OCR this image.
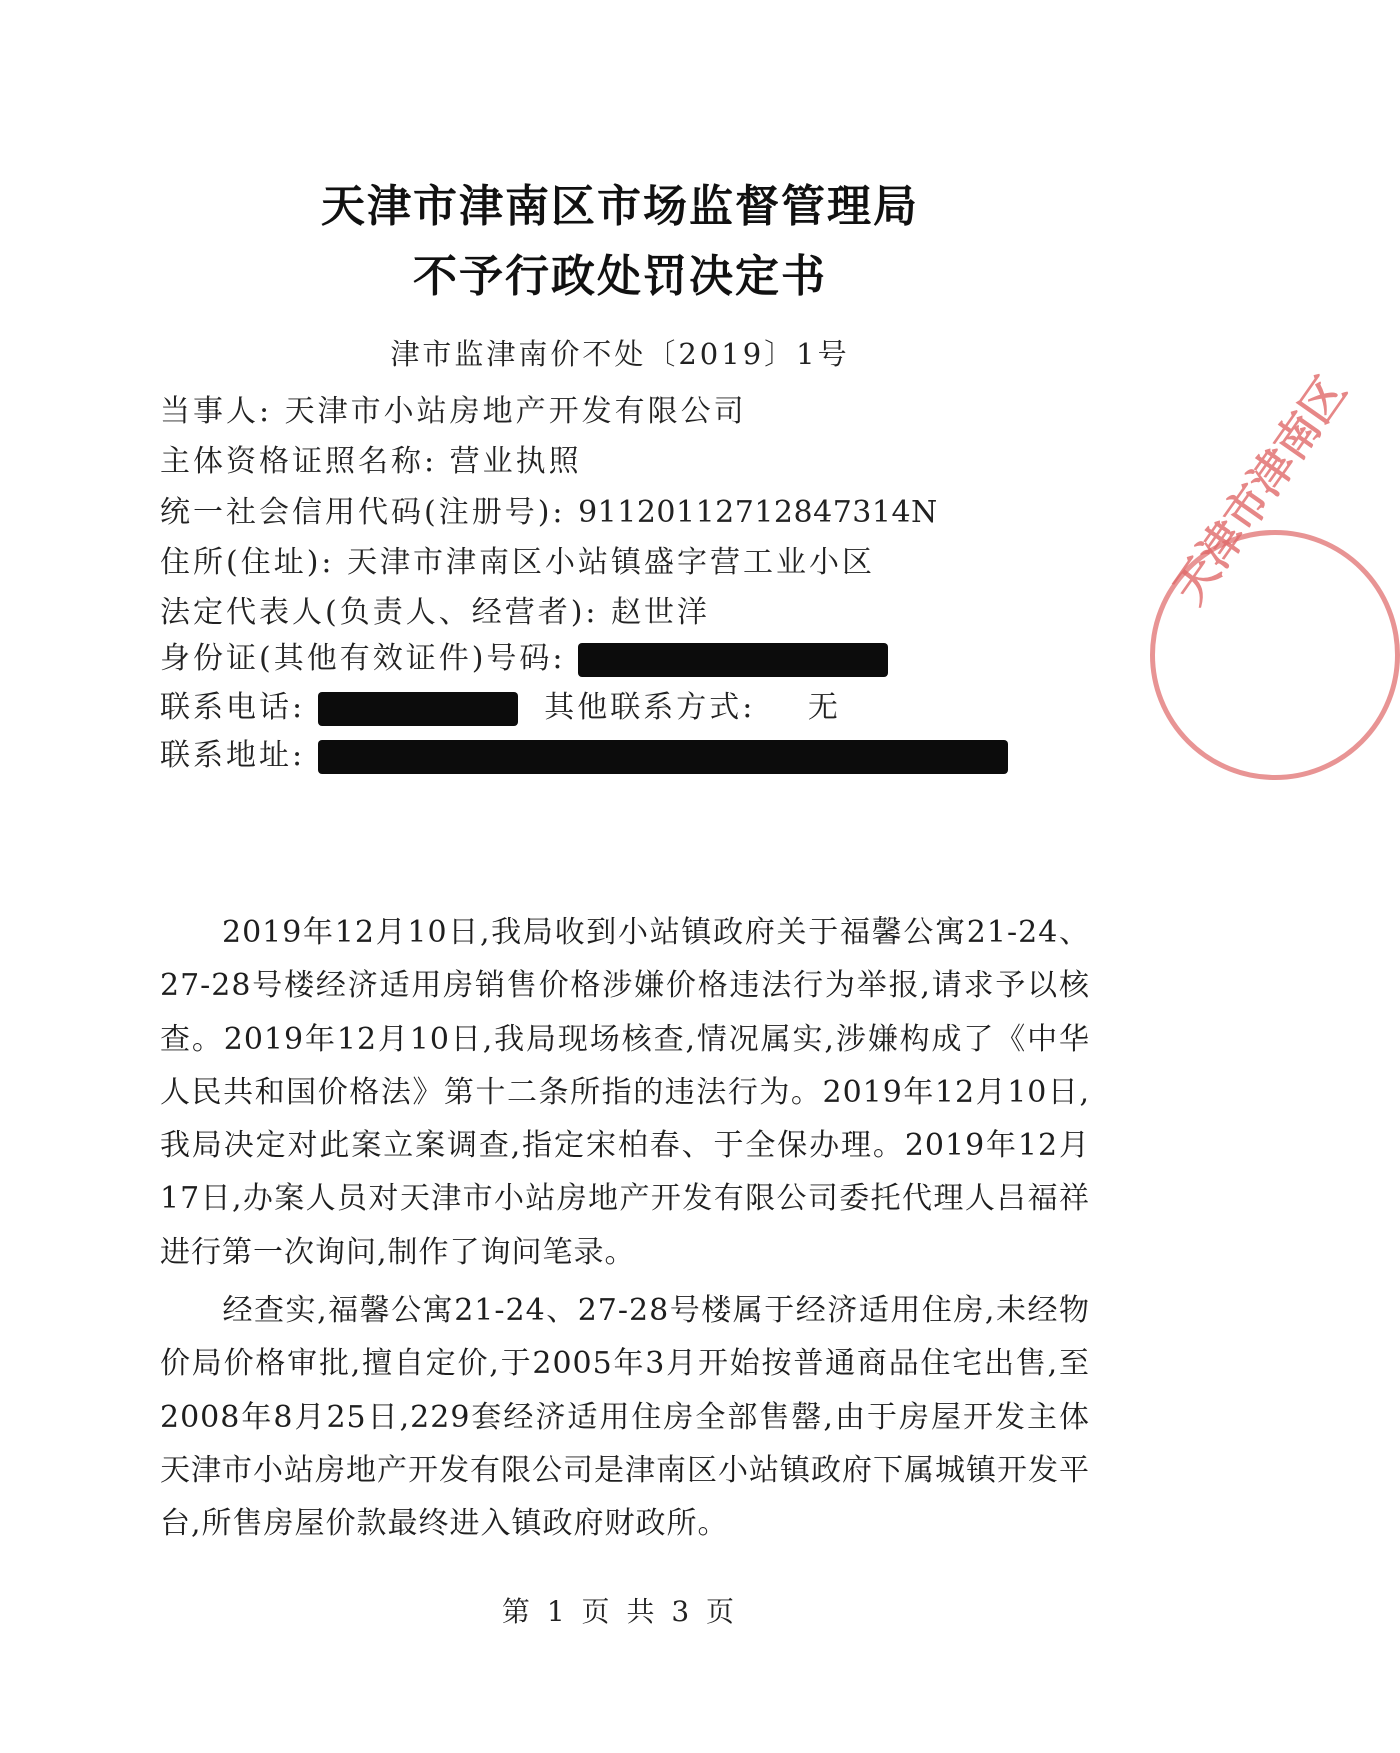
天津市津南区市场监督管理局
不予行政处罚决定书
津市监津南价不处〔2019〕1号
当事人: 天津市小站房地产开发有限公司
主体资格证照名称: 营业执照
统一社会信用代码(注册号): 91120112712847314N
住所(住址): 天津市津南区小站镇盛字营工业小区
法定代表人(负责人、经营者): 赵世洋
身份证(其他有效证件)号码:
联系电话:	其他联系方式: 无
联系地址:
2019年12月10日,我局收到小站镇政府关于福馨公寓21-24、27-28号楼经济适用房销售价格涉嫌价格违法行为举报,请求予以核查。2019年12月10日,我局现场核查,情况属实,涉嫌构成了《中华人民共和国价格法》第十二条所指的违法行为。2019年12月10日,我局决定对此案立案调查,指定宋柏春、于全保办理。2019年12月17日,办案人员对天津市小站房地产开发有限公司委托代理人吕福祥进行第一次询问,制作了询问笔录。
经查实,福馨公寓21-24、27-28号楼属于经济适用住房,未经物价局价格审批,擅自定价,于2005年3月开始按普通商品住宅出售,至2008年8月25日,229套经济适用住房全部售罄,由于房屋开发主体天津市小站房地产开发有限公司是津南区小站镇政府下属城镇开发平台,所售房屋价款最终进入镇政府财政所。
第 1 页 共 3 页
天津市津南区
